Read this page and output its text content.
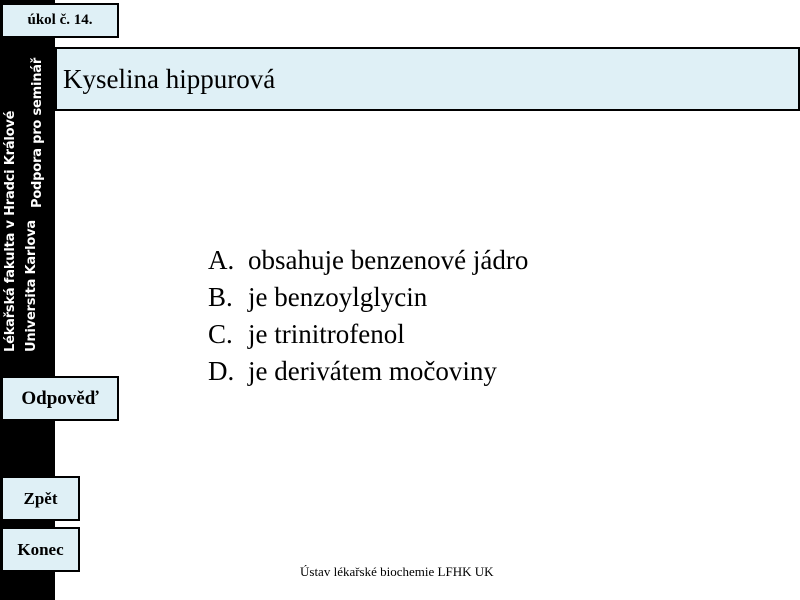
Lékařská fakulta v Hradci Králové Universita Karlova
Podpora pro seminář
úkol č. 14.
Kyselina hippurová
A. obsahuje benzenové jádro
B. je benzoylglycin
C. je trinitrofenol
D. je derivátem močoviny
Odpověď
Zpět
Konec
Ústav lékařské biochemie LFHK UK
